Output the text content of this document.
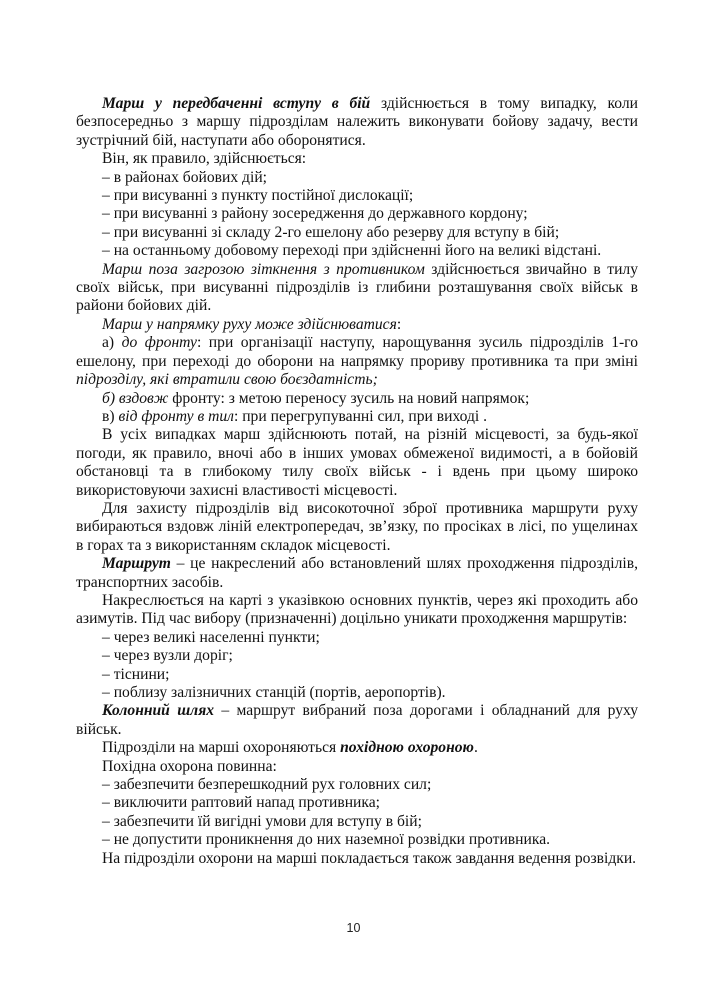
Марш у передбаченні вступу в бій здійснюється в тому випадку, коли безпосередньо з маршу підрозділам належить виконувати бойову задачу, вести зустрічний бій, наступати або оборонятися.

Він, як правило, здійснюється:

– в районах бойових дій;

– при висуванні з пункту постійної дислокації;

– при висуванні з району зосередження до державного кордону;

– при висуванні зі складу 2-го ешелону або резерву для вступу в бій;

– на останньому добовому переході при здійсненні його на великі відстані.

Марш поза загрозою зіткнення з противником здійснюється звичайно в тилу своїх військ, при висуванні підрозділів із глибини розташування своїх військ в райони бойових дій.

Марш у напрямку руху може здійснюватися:

а) до фронту: при організації наступу, нарощування зусиль підрозділів 1-го ешелону, при переході до оборони на напрямку прориву противника та при зміні підрозділу, які втратили свою боєздатність;

б) вздовж фронту: з метою переносу зусиль на новий напрямок;

в) від фронту в тил: при перегрупуванні сил, при виході .

В усіх випадках марш здійснюють потай, на різній місцевості, за будь-якої погоди, як правило, вночі або в інших умовах обмеженої видимості, а в бойовій обстановці та в глибокому тилу своїх військ - і вдень при цьому широко використовуючи захисні властивості місцевості.

Для захисту підрозділів від високоточної зброї противника маршрути руху вибираються вздовж ліній електропередач, зв’язку, по просіках в лісі, по ущелинах в горах та з використанням складок місцевості.

Маршрут – це накреслений або встановлений шлях проходження підрозділів, транспортних засобів.

Накреслюється на карті з указівкою основних пунктів, через які проходить або азимутів. Під час вибору (призначенні) доцільно уникати проходження маршрутів:

– через великі населенні пункти;

– через вузли доріг;

– тіснини;

– поблизу залізничних станцій (портів, аеропортів).

Колонний шлях – маршрут вибраний поза дорогами і обладнаний для руху військ.

Підрозділи на марші охороняються похідною охороною.

Похідна охорона повинна:

– забезпечити безперешкодний рух головних сил;

– виключити раптовий напад противника;

– забезпечити їй вигідні умови для вступу в бій;

– не допустити проникнення до них наземної розвідки противника.

На підрозділи охорони на марші покладається також завдання ведення розвідки.

10
